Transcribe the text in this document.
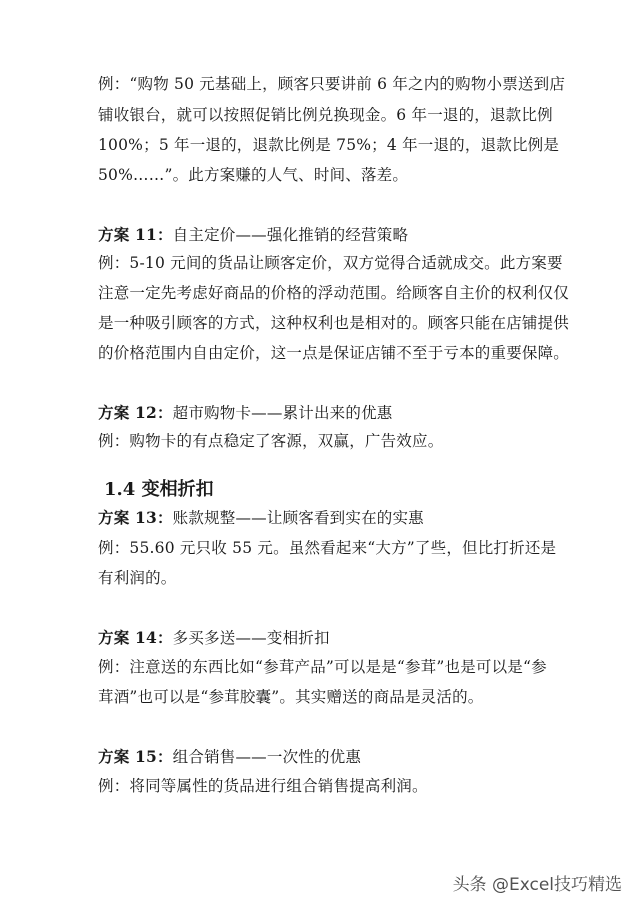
例：“购物 50 元基础上，顾客只要讲前 6 年之内的购物小票送到店
铺收银台，就可以按照促销比例兑换现金。6 年一退的，退款比例
100%；5 年一退的，退款比例是 75%；4 年一退的，退款比例是
50%……”。此方案赚的人气、时间、落差。
方案 11：自主定价——强化推销的经营策略
例：5-10 元间的货品让顾客定价，双方觉得合适就成交。此方案要
注意一定先考虑好商品的价格的浮动范围。给顾客自主价的权利仅仅
是一种吸引顾客的方式，这种权利也是相对的。顾客只能在店铺提供
的价格范围内自由定价，这一点是保证店铺不至于亏本的重要保障。
方案 12：超市购物卡——累计出来的优惠
例：购物卡的有点稳定了客源，双赢，广告效应。
1.4 变相折扣
方案 13：账款规整——让顾客看到实在的实惠
例：55.60 元只收 55 元。虽然看起来“大方”了些，但比打折还是
有利润的。
方案 14：多买多送——变相折扣
例：注意送的东西比如“参茸产品”可以是是“参茸”也是可以是“参
茸酒”也可以是“参茸胶囊”。其实赠送的商品是灵活的。
方案 15：组合销售——一次性的优惠
例：将同等属性的货品进行组合销售提高利润。
头条 @Excel技巧精选
